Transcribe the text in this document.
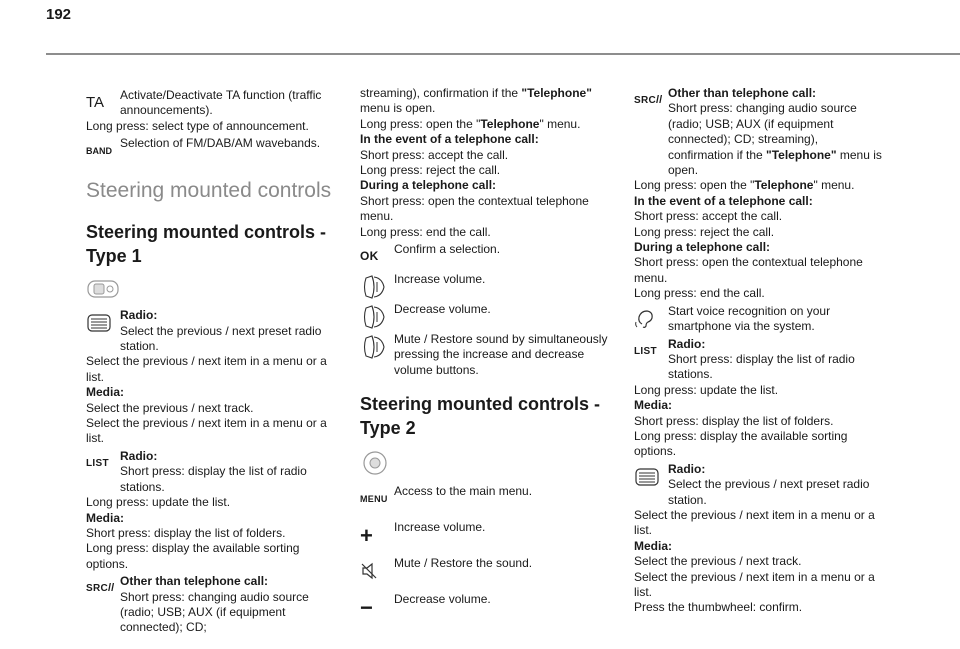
192
TA Activate/Deactivate TA function (traffic announcements).

Long press: select type of announcement.

BAND
Selection of FM/DAB/AM wavebands.
Steering mounted controls
Steering mounted controls - Type 1
Radio:
Select the previous / next preset radio station.

Select the previous / next item in a menu or a list.

Media:

Select the previous / next track.

Select the previous / next item in a menu or a list.

LIST
Radio:
Short press: display the list of radio stations.

Long press: update the list.

Media:

Short press: display the list of folders.

Long press: display the available sorting options.

SRC //
Other than telephone call:
Short press: changing audio source (radio; USB; AUX (if equipment connected); CD;

streaming), confirmation if the "Telephone" menu is open.

Long press: open the "Telephone" menu.

In the event of a telephone call:

Short press: accept the call.

Long press: reject the call.

During a telephone call:

Short press: open the contextual telephone menu.

Long press: end the call.

OK
Confirm a selection.
Increase volume.
Decrease volume.
Mute / Restore sound by simultaneously pressing the increase and decrease volume buttons.
Steering mounted controls - Type 2
MENU
Access to the main menu.
+ Increase volume.
Mute / Restore the sound.
− Decrease volume.
SRC //
Other than telephone call:
Short press: changing audio source (radio; USB; AUX (if equipment connected); CD; streaming), confirmation if the "Telephone" menu is open.

Long press: open the "Telephone" menu.

In the event of a telephone call:

Short press: accept the call.

Long press: reject the call.

During a telephone call:

Short press: open the contextual telephone menu.

Long press: end the call.

Start voice recognition on your smartphone via the system.
LIST
Radio:
Short press: display the list of radio stations.

Long press: update the list.

Media:

Short press: display the list of folders.

Long press: display the available sorting options.

Radio:
Select the previous / next preset radio station.

Select the previous / next item in a menu or a list.

Media:

Select the previous / next track.

Select the previous / next item in a menu or a list.

Press the thumbwheel: confirm.
